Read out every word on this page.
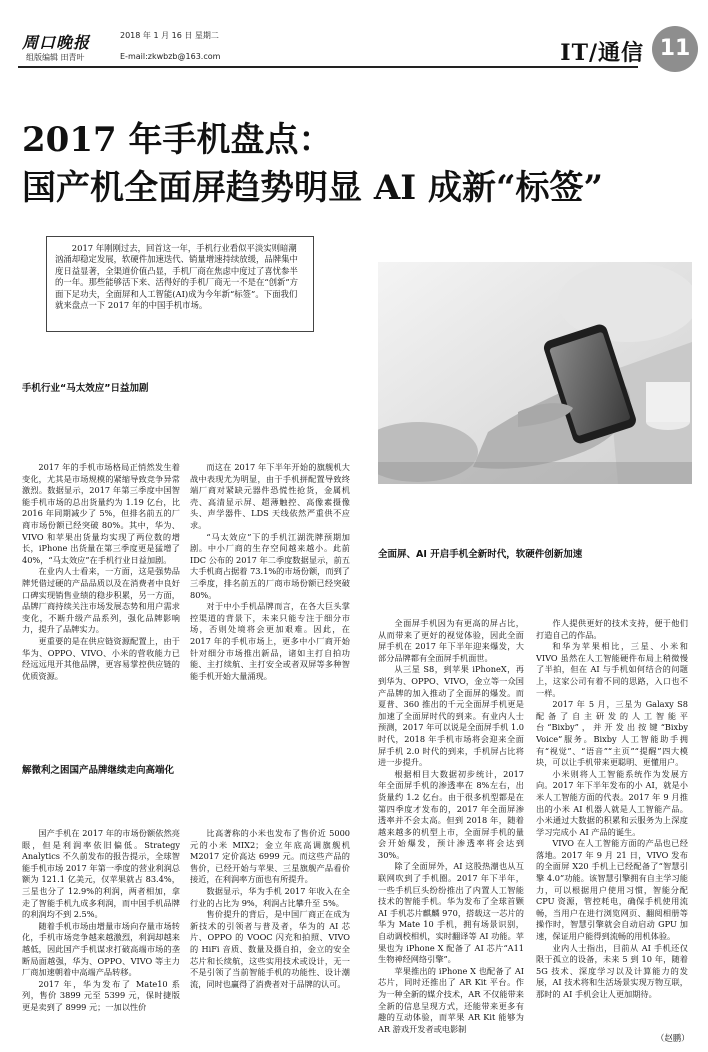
周口晚报	2018 年 1 月 16 日 星期二
组版编辑 田青叶	E-mail:zkwbzb@163.com	IT/通信 11
2017 年手机盘点：
国产机全面屏趋势明显 AI 成新“标签”
2017 年刚刚过去，回首这一年，手机行业看似平淡实则暗潮汹涌却稳定发展，软硬件加速迭代、销量增速持续放缓，品牌集中度日益显著，全渠道价值凸显，手机厂商在焦虑中度过了喜忧参半的一年。那些能够活下来、活得好的手机厂商无一不是在“创新”方面下足功夫，全面屏和人工智能(AI)成为今年新“标签”。下面我们就来盘点一下 2017 年的中国手机市场。
手机行业“马太效应”日益加剧

2017 年的手机市场格局正悄然发生着变化，尤其是市场规模的紧缩导致竞争异常激烈。数据显示，2017 年第三季度中国智能手机市场的总出货量约为 1.19 亿台，比 2016 年同期减少了 5%，但排名前五的厂商市场份额已经突破 80%。其中，华为、VIVO 和苹果出货量均实现了两位数的增长，iPhone 出货量在第三季度更是猛增了 40%，“马太效应”在手机行业日益加剧。

在业内人士看来，一方面，这是强势品牌凭借过硬的产品品质以及在消费者中良好口碑实现销售业绩的稳步积累，另一方面，品牌厂商持续关注市场发展态势和用户需求变化，不断升级产品系列，强化品牌影响力，提升了品牌实力。

更重要的是在供应链资源配置上，由于华为、OPPO、VIVO、小米的营收能力已经远远甩开其他品牌，更容易掌控供应链的优质资源。

而这在 2017 年下半年开始的旗舰机大战中表现尤为明显，由于手机拼配置导致终端厂商对紧缺元器件恐慌性抢货，金属机壳、高清显示屏、超薄触控、高像素摄像头、声学器件、LDS 天线依然严重供不应求。

“马太效应”下的手机江湖洗牌预期加剧。中小厂商的生存空间越来越小。此前 IDC 公布的 2017 年二季度数据显示，前五大手机商占据着 73.1%的市场份额，而到了三季度，排名前五的厂商市场份额已经突破 80%。

对于中小手机品牌而言，在各大巨头掌控渠道的背景下，未来只能专注于细分市场，否则处境将会更加艰难。因此，在 2017 年的手机市场上，更多中小厂商开始针对细分市场推出新品，诸如主打自拍功能、主打续航、主打安全或者双屏等多种智能手机开始大量涌现。

全面屏、AI 开启手机全新时代，软硬件创新加速

全面屏手机因为有更高的屏占比，从而带来了更好的视觉体验，因此全面屏手机在 2017 年下半年迎来爆发，大部分品牌都有全面屏手机面世。

从三星 S8，到苹果 iPhoneX，再到华为、OPPO、VIVO，金立等一众国产品牌的加入推动了全面屏的爆发。而夏普、360 推出的千元全面屏手机更是加速了全面屏时代的到来。有业内人士预测，2017 年可以说是全面屏手机 1.0 时代，2018 年手机市场将会迎来全面屏手机 2.0 时代的到来，手机屏占比将进一步提升。

根据相目大数据初步统计，2017 年全面屏手机的渗透率在 8%左右，出货量约 1.2 亿台。由于很多机型都是在第四季度才发布的，2017 年全面屏渗透率并不会太高。但到 2018 年，随着越来越多的机型上市，全面屏手机的量会开始爆发，预计渗透率将会达到 30%。

除了全面屏外，AI 这股热潮也从互联网吹到了手机圈。2017 年下半年，一些手机巨头纷纷推出了内置人工智能技术的智能手机。华为发布了全球首颗 AI 手机芯片麒麟 970，搭载这一芯片的华为 Mate 10 手机，拥有场景识别，自动调校相机，实时翻译等 AI 功能。苹果也为 iPhone X 配备了 AI 芯片“A11 生物神经网络引擎”。

苹果推出的 iPhone X 也配备了 AI 芯片，同时还推出了 AR Kit 平台。作为一种全新的媒介技术，AR 不仅能带来全新的信息呈现方式，还能带来更多有趣的互动体验，而苹果 AR Kit 能够为 AR 游戏开发者或电影制

作人提供更好的技术支持，便于他们打造自己的作品。

和华为苹果相比，三星、小米和 VIVO 虽然在人工智能硬件布局上稍微慢了半拍，但在 AI 与手机如何结合的问题上，这家公司有着不同的思路，入口也不一样。

2017 年 5 月，三星为 Galaxy S8 配备了自主研发的人工智能平台“Bixby”，并开发出按键“Bixby Voice”服务。Bixby 人工智能助手拥有“视觉”、“语音”“主页”“提醒”四大模块，可以让手机带来更聪明、更懂用户。

小米则将人工智能系统作为发展方向。2017 年下半年发布的小 AI，就是小米人工智能方面的代表。2017 年 9 月推出的小米 AI 机器人就是人工智能产品。小米通过大数据的积累和云服务为上深度学习完成小 AI 产品的诞生。

VIVO 在人工智能方面的产品也已经落地。2017 年 9 月 21 日，VIVO 发布的全面屏 X20 手机上已经配备了“智慧引擎 4.0”功能。该智慧引擎拥有自主学习能力，可以根据用户使用习惯，智能分配 CPU 资源，管控耗电，确保手机使用流畅，当用户在进行浏览网页、翻阅相册等操作时，智慧引擎就会自动启动 GPU 加速，保证用户能得到流畅的用机体验。

业内人士指出，目前从 AI 手机还仅限于孤立的设备，未来 5 到 10 年，随着 5G 技术、深度学习以及计算能力的发展，AI 技术将和生活场景实现万物互联，那时的 AI 手机会让人更加期待。

（赵鹏）
解微利之困国产品牌继续走向高端化

国产手机在 2017 年的市场份额依然亮眼，但是利润率依旧偏低。Strategy Analytics 不久前发布的报告提示，全球智能手机市场 2017 年第一季度的营业利润总额为 121.1 亿美元，仅苹果就占 83.4%，三星也分了 12.9%的利润，两者相加，拿走了智能手机九成多利润，而中国手机品牌的利润均不到 2.5%。

随着手机市场由增量市场向存量市场转化，手机市场竞争越来越激烈，利润却越来越低，因此国产手机谋求打破高端市场的垄断局面越强，华为、OPPO、VIVO 等主力厂商加速朝着中高端产品转移。

2017 年，华为发布了 Mate10 系列，售价 3899 元至 5399 元，保时捷版更是卖到了 8999 元；一加以性价

比高著称的小米也发布了售价近 5000 元的小米 MIX2；金立年底高调旗舰机 M2017 定价高达 6999 元。而这些产品的售价，已经开始与苹果、三星旗舰产品看价接近，在利润率方面也有所提升。

数据显示，华为手机 2017 年收入在全行业的占比为 9%，利润占比攀升至 5%。

售价提升的背后，是中国厂商正在成为新技术的引领者与普及者，华为的 AI 芯片、OPPO 的 VOOC 闪充和拍照、VIVO 的 HiFi 音质、数量及摄自拍，金立的安全芯片和长续航，这些实用技术或设计，无一不是引领了当前智能手机的功能性、设计潮流，同时也赢得了消费者对于品牌的认可。
